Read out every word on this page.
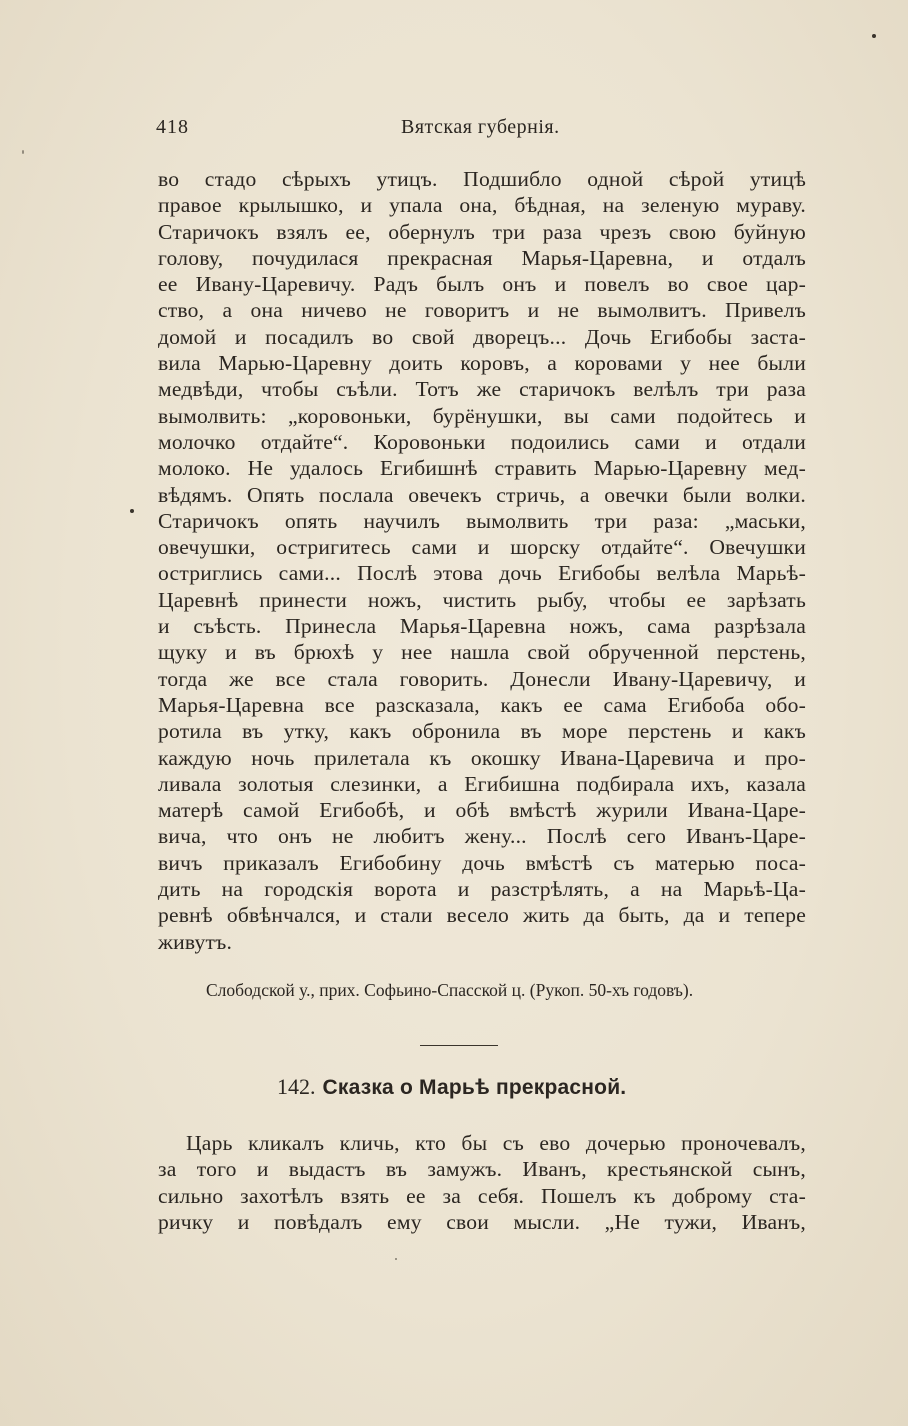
418	Вятская губернія.
во стадо сѣрыхъ утицъ. Подшибло одной сѣрой утицѣ
правое крылышко, и упала она, бѣдная, на зеленую мураву.
Старичокъ взялъ ее, обернулъ три раза чрезъ свою буйную
голову, почудилася прекрасная Марья-Царевна, и отдалъ
ее Ивану-Царевичу. Радъ былъ онъ и повелъ во свое цар-
ство, а она ничево не говоритъ и не вымолвитъ. Привелъ
домой и посадилъ во свой дворецъ... Дочь Егибобы заста-
вила Марью-Царевну доить коровъ, а коровами у нее были
медвѣди, чтобы съѣли. Тотъ же старичокъ велѣлъ три раза
вымолвить: „коровоньки, бурёнушки, вы сами подойтесь и
молочко отдайте“. Коровоньки подоились сами и отдали
молоко. Не удалось Егибишнѣ стравить Марью-Царевну мед-
вѣдямъ. Опять послала овечекъ стричь, а овечки были волки.
Старичокъ опять научилъ вымолвить три раза: „маськи,
овечушки, остригитесь сами и шорску отдайте“. Овечушки
остриглись сами... Послѣ этова дочь Егибобы велѣла Марьѣ-
Царевнѣ принести ножъ, чистить рыбу, чтобы ее зарѣзать
и съѣсть. Принесла Марья-Царевна ножъ, сама разрѣзала
щуку и въ брюхѣ у нее нашла свой обрученной перстень,
тогда же все стала говорить. Донесли Ивану-Царевичу, и
Марья-Царевна все разсказала, какъ ее сама Егибоба обо-
ротила въ утку, какъ обронила въ море перстень и какъ
каждую ночь прилетала къ окошку Ивана-Царевича и про-
ливала золотыя слезинки, а Егибишна подбирала ихъ, казала
матерѣ самой Егибобѣ, и обѣ вмѣстѣ журили Ивана-Царе-
вича, что онъ не любитъ жену... Послѣ сего Иванъ-Царе-
вичъ приказалъ Егибобину дочь вмѣстѣ съ матерью поса-
дить на городскія ворота и разстрѣлять, а на Марьѣ-Ца-
ревнѣ обвѣнчался, и стали весело жить да быть, да и тепере
живутъ.
Слободской у., прих. Софьино-Спасской ц. (Рукоп. 50-хъ годовъ).
142. Сказка о Марьѣ прекрасной.
Царь кликалъ кличь, кто бы съ ево дочерью проночевалъ,
за того и выдастъ въ замужъ. Иванъ, крестьянской сынъ,
сильно захотѣлъ взять ее за себя. Пошелъ къ доброму ста-
ричку и повѣдалъ ему свои мысли. „Не тужи, Иванъ,
